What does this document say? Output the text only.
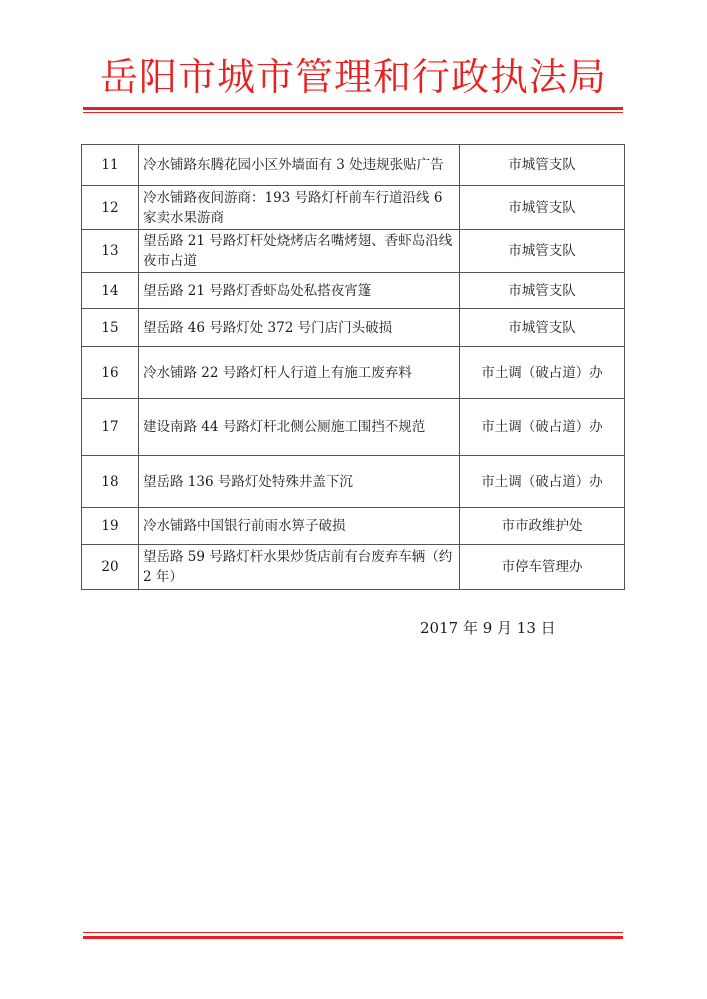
岳阳市城市管理和行政执法局
11	冷水铺路东腾花园小区外墙面有 3 处违规张贴广告	市城管支队
12	冷水铺路夜间游商：193 号路灯杆前车行道沿线 6 家卖水果游商	市城管支队
13	望岳路 21 号路灯杆处烧烤店名嘴烤翅、香虾岛沿线夜市占道	市城管支队
14	望岳路 21 号路灯香虾岛处私搭夜宵篷	市城管支队
15	望岳路 46 号路灯处 372 号门店门头破损	市城管支队
16	冷水铺路 22 号路灯杆人行道上有施工废弃料	市土调（破占道）办
17	建设南路 44 号路灯杆北侧公厕施工围挡不规范	市土调（破占道）办
18	望岳路 136 号路灯处特殊井盖下沉	市土调（破占道）办
19	冷水铺路中国银行前雨水箅子破损	市市政维护处
20	望岳路 59 号路灯杆水果炒货店前有台废弃车辆（约 2 年）	市停车管理办
2017 年 9 月 13 日
